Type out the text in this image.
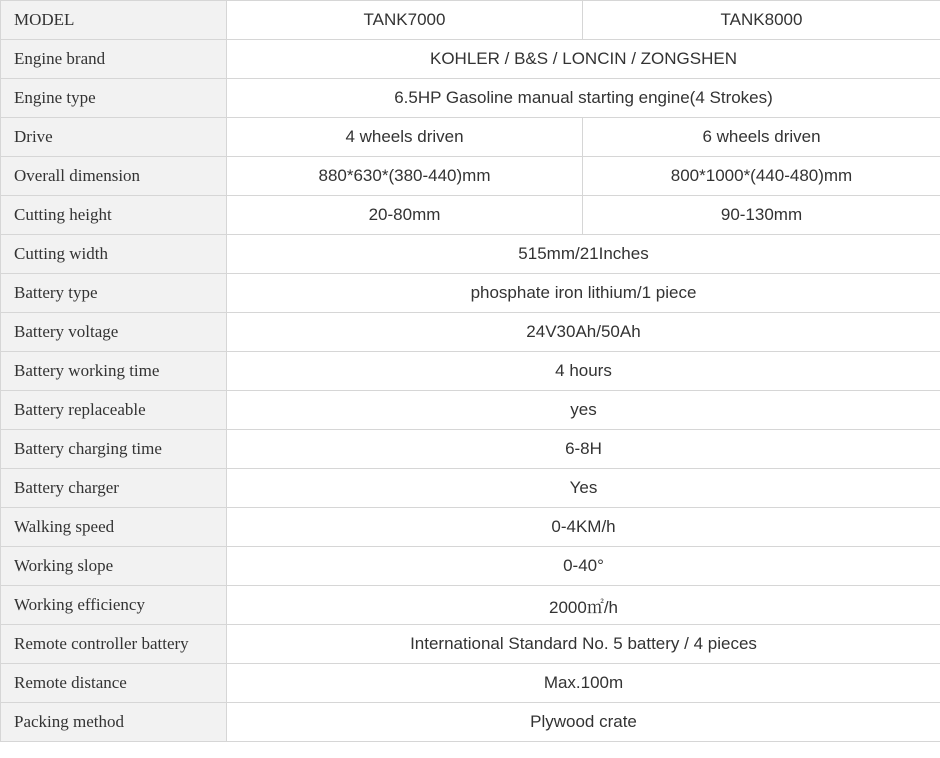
MODEL	TANK7000	TANK8000
Engine brand	KOHLER / B&S / LONCIN / ZONGSHEN	
Engine type	6.5HP Gasoline manual starting engine(4 Strokes)	
Drive	4 wheels driven	6 wheels driven
Overall dimension	880*630*(380-440)mm	800*1000*(440-480)mm
Cutting height	20-80mm	90-130mm
Cutting width	515mm/21Inches	
Battery type	phosphate iron lithium/1 piece	
Battery voltage	24V30Ah/50Ah	
Battery working time	4 hours	
Battery replaceable	yes	
Battery charging time	6-8H	
Battery charger	Yes	
Walking speed	0-4KM/h	
Working slope	0-40°	
Working efficiency	2000㎡/h	
Remote controller battery	International Standard No. 5 battery / 4 pieces	
Remote distance	Max.100m	
Packing method	Plywood crate	
